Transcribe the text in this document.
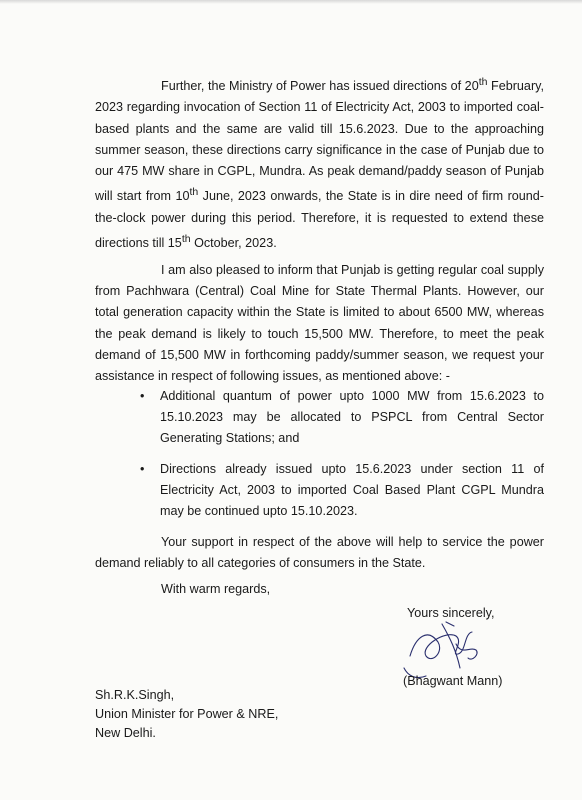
Further, the Ministry of Power has issued directions of 20th February, 2023 regarding invocation of Section 11 of Electricity Act, 2003 to imported coal-based plants and the same are valid till 15.6.2023. Due to the approaching summer season, these directions carry significance in the case of Punjab due to our 475 MW share in CGPL, Mundra. As peak demand/paddy season of Punjab will start from 10th June, 2023 onwards, the State is in dire need of firm round-the-clock power during this period. Therefore, it is requested to extend these directions till 15th October, 2023.

I am also pleased to inform that Punjab is getting regular coal supply from Pachhwara (Central) Coal Mine for State Thermal Plants. However, our total generation capacity within the State is limited to about 6500 MW, whereas the peak demand is likely to touch 15,500 MW. Therefore, to meet the peak demand of 15,500 MW in forthcoming paddy/summer season, we request your assistance in respect of following issues, as mentioned above: -

• Additional quantum of power upto 1000 MW from 15.6.2023 to 15.10.2023 may be allocated to PSPCL from Central Sector Generating Stations; and
• Directions already issued upto 15.6.2023 under section 11 of Electricity Act, 2003 to imported Coal Based Plant CGPL Mundra may be continued upto 15.10.2023.

Your support in respect of the above will help to service the power demand reliably to all categories of consumers in the State.

With warm regards,

Yours sincerely,

(Bhagwant Mann)

Sh.R.K.Singh,
Union Minister for Power & NRE,
New Delhi.
